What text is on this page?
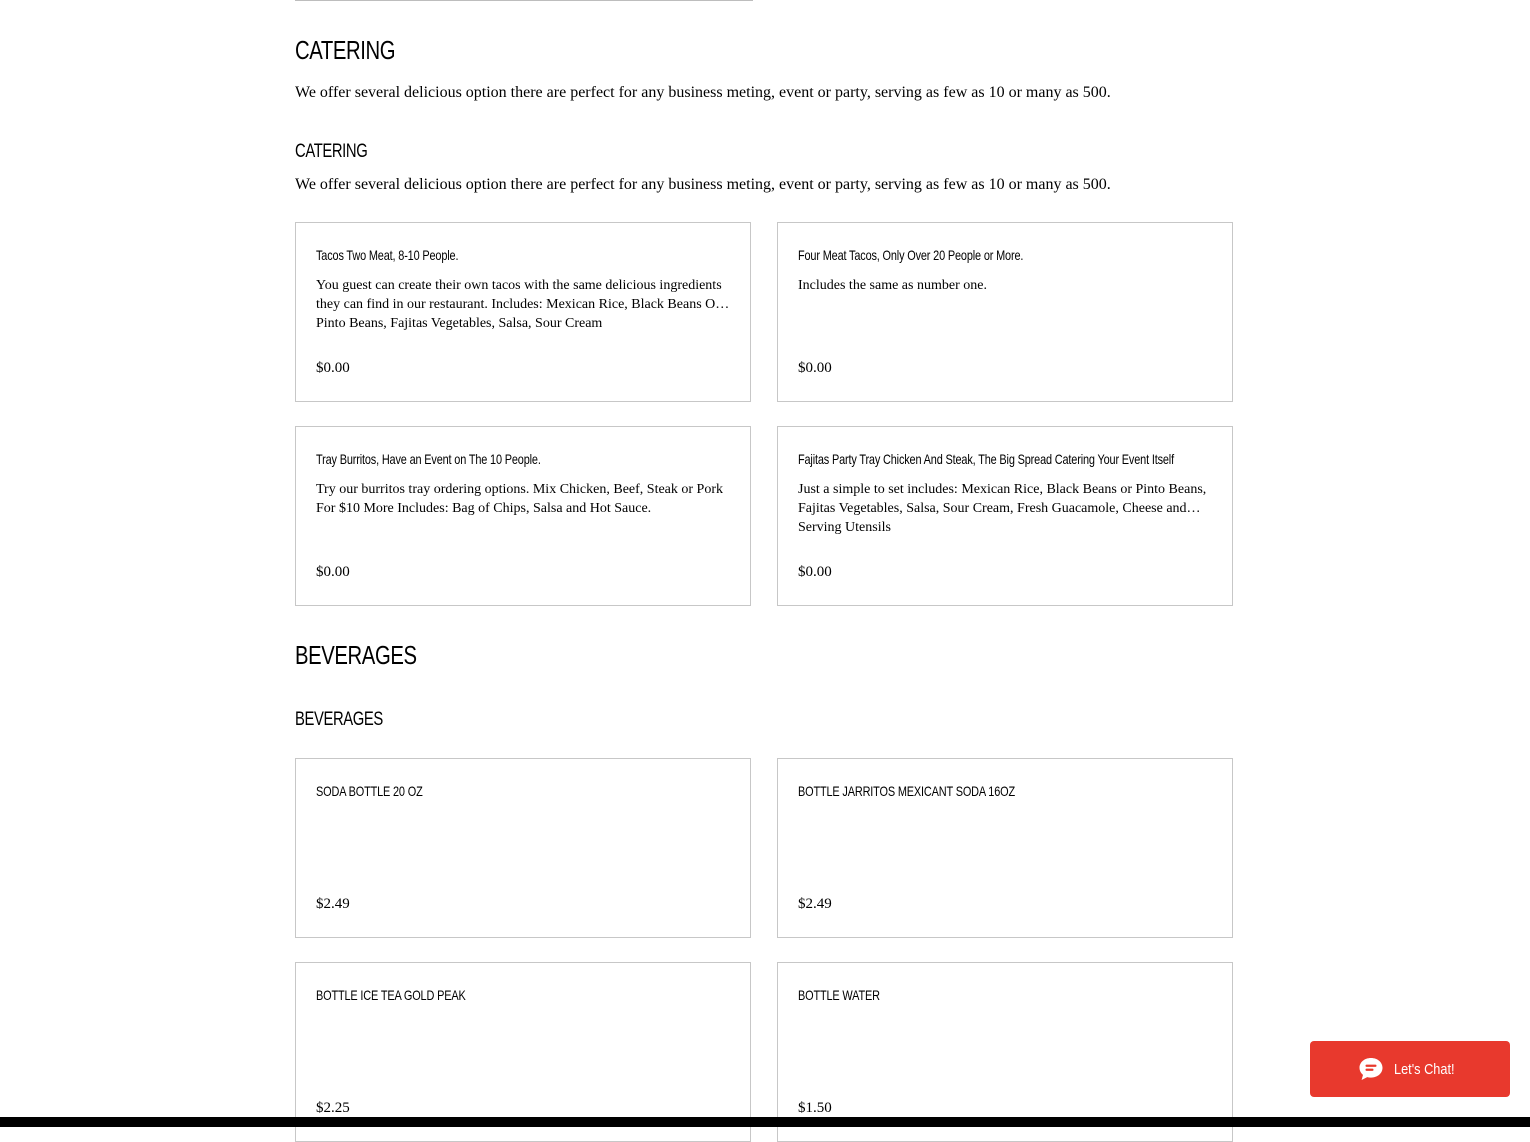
CATERING

We offer several delicious option there are perfect for any business meting, event or party, serving as few as 10 or many as 500.

CATERING

We offer several delicious option there are perfect for any business meting, event or party, serving as few as 10 or many as 500.

Tacos Two Meat, 8-10 People.
You guest can create their own tacos with the same delicious ingredients they can find in our restaurant. Includes: Mexican Rice, Black Beans Or Pinto Beans, Fajitas Vegetables, Salsa, Sour Cream
$0.00
Four Meat Tacos, Only Over 20 People or More.
Includes the same as number one.
$0.00
Tray Burritos, Have an Event on The 10 People.
Try our burritos tray ordering options. Mix Chicken, Beef, Steak or Pork For $10 More Includes: Bag of Chips, Salsa and Hot Sauce.
$0.00
Fajitas Party Tray Chicken And Steak, The Big Spread Catering Your Event Itself
Just a simple to set includes: Mexican Rice, Black Beans or Pinto Beans, Fajitas Vegetables, Salsa, Sour Cream, Fresh Guacamole, Cheese and Serving Utensils
$0.00
BEVERAGES
BEVERAGES
SODA BOTTLE 20 OZ
$2.49
BOTTLE JARRITOS MEXICANT SODA 16OZ
$2.49
BOTTLE ICE TEA GOLD PEAK
$2.25
BOTTLE WATER
$1.50
Let's Chat!
